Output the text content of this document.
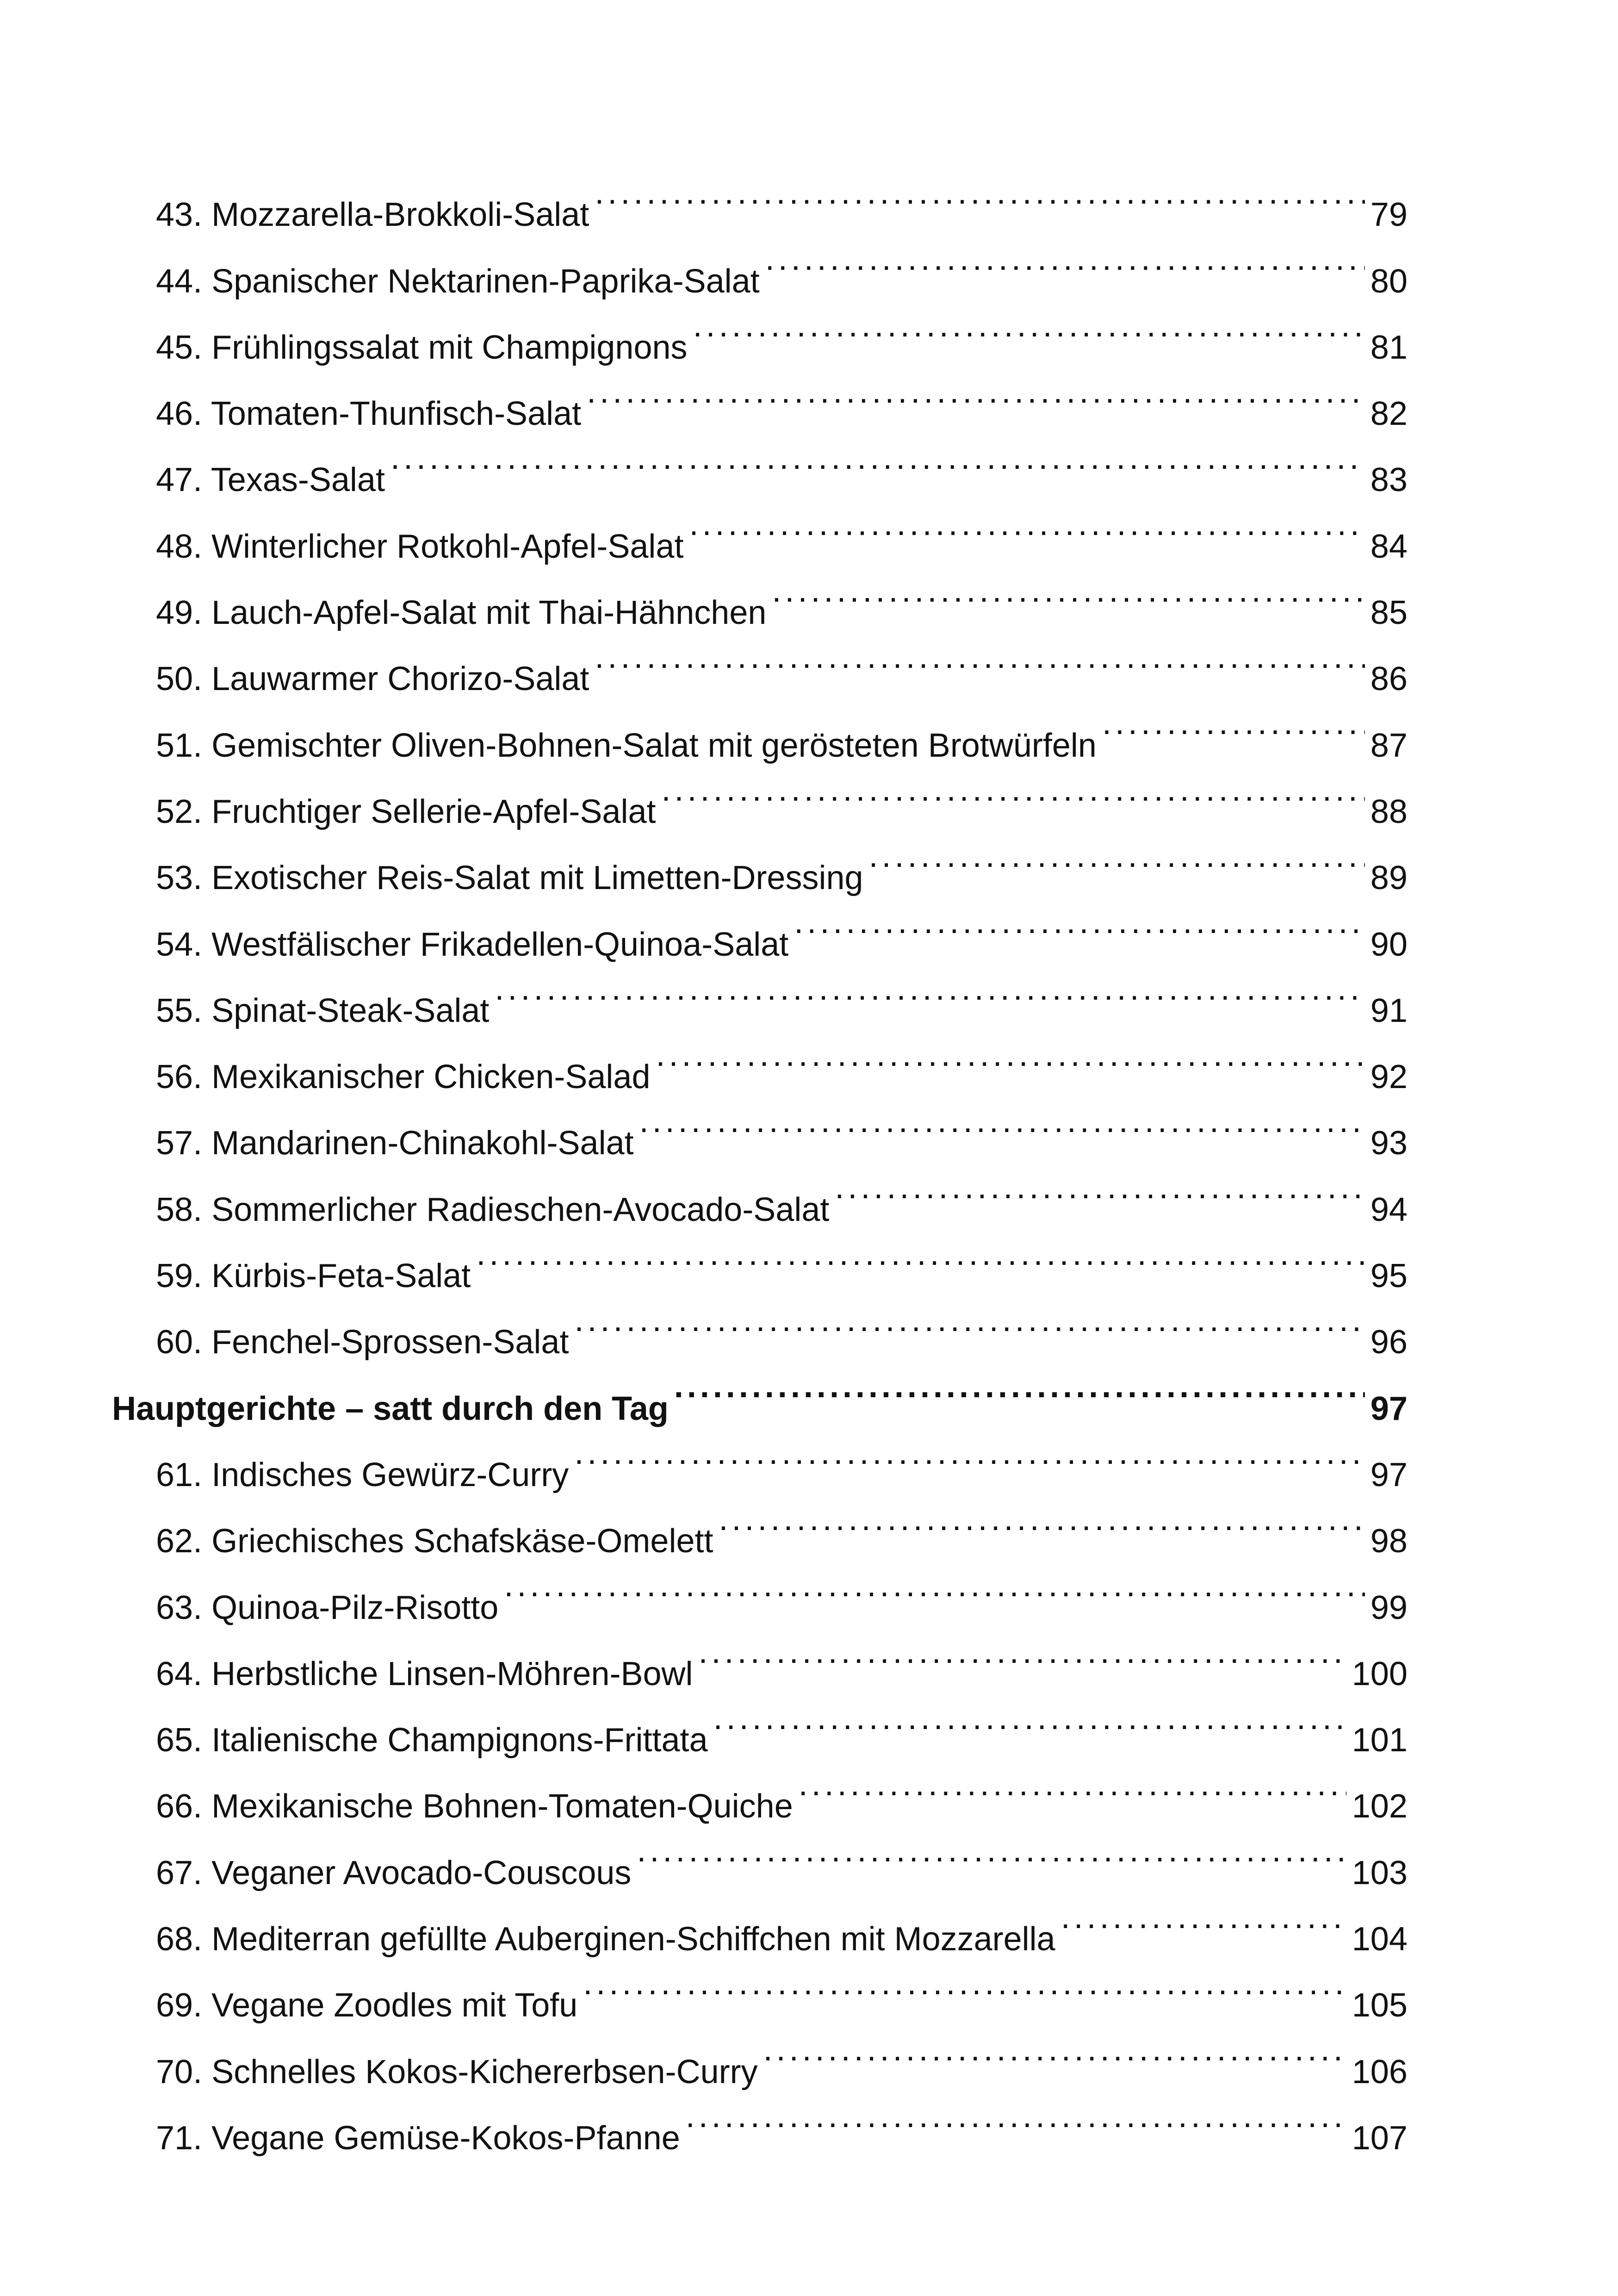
43. Mozzarella-Brokkoli-Salat . . .	79
44. Spanischer Nektarinen-Paprika-Salat . . .	80
45. Frühlingssalat mit Champignons . . .	81
46. Tomaten-Thunfisch-Salat . . .	82
47. Texas-Salat . . .	83
48. Winterlicher Rotkohl-Apfel-Salat . . .	84
49. Lauch-Apfel-Salat mit Thai-Hähnchen . . .	85
50. Lauwarmer Chorizo-Salat . . .	86
51. Gemischter Oliven-Bohnen-Salat mit gerösteten Brotwürfeln . . .	87
52. Fruchtiger Sellerie-Apfel-Salat . . .	88
53. Exotischer Reis-Salat mit Limetten-Dressing . . .	89
54. Westfälischer Frikadellen-Quinoa-Salat . . .	90
55. Spinat-Steak-Salat . . .	91
56. Mexikanischer Chicken-Salad . . .	92
57. Mandarinen-Chinakohl-Salat . . .	93
58. Sommerlicher Radieschen-Avocado-Salat . . .	94
59. Kürbis-Feta-Salat . . .	95
60. Fenchel-Sprossen-Salat . . .	96
Hauptgerichte – satt durch den Tag . . .	97
61. Indisches Gewürz-Curry . . .	97
62. Griechisches Schafskäse-Omelett . . .	98
63. Quinoa-Pilz-Risotto . . .	99
64. Herbstliche Linsen-Möhren-Bowl . . .	100
65. Italienische Champignons-Frittata . . .	101
66. Mexikanische Bohnen-Tomaten-Quiche . . .	102
67. Veganer Avocado-Couscous . . .	103
68. Mediterran gefüllte Auberginen-Schiffchen mit Mozzarella . . .	104
69. Vegane Zoodles mit Tofu . . .	105
70. Schnelles Kokos-Kichererbsen-Curry . . .	106
71. Vegane Gemüse-Kokos-Pfanne . . .	107
